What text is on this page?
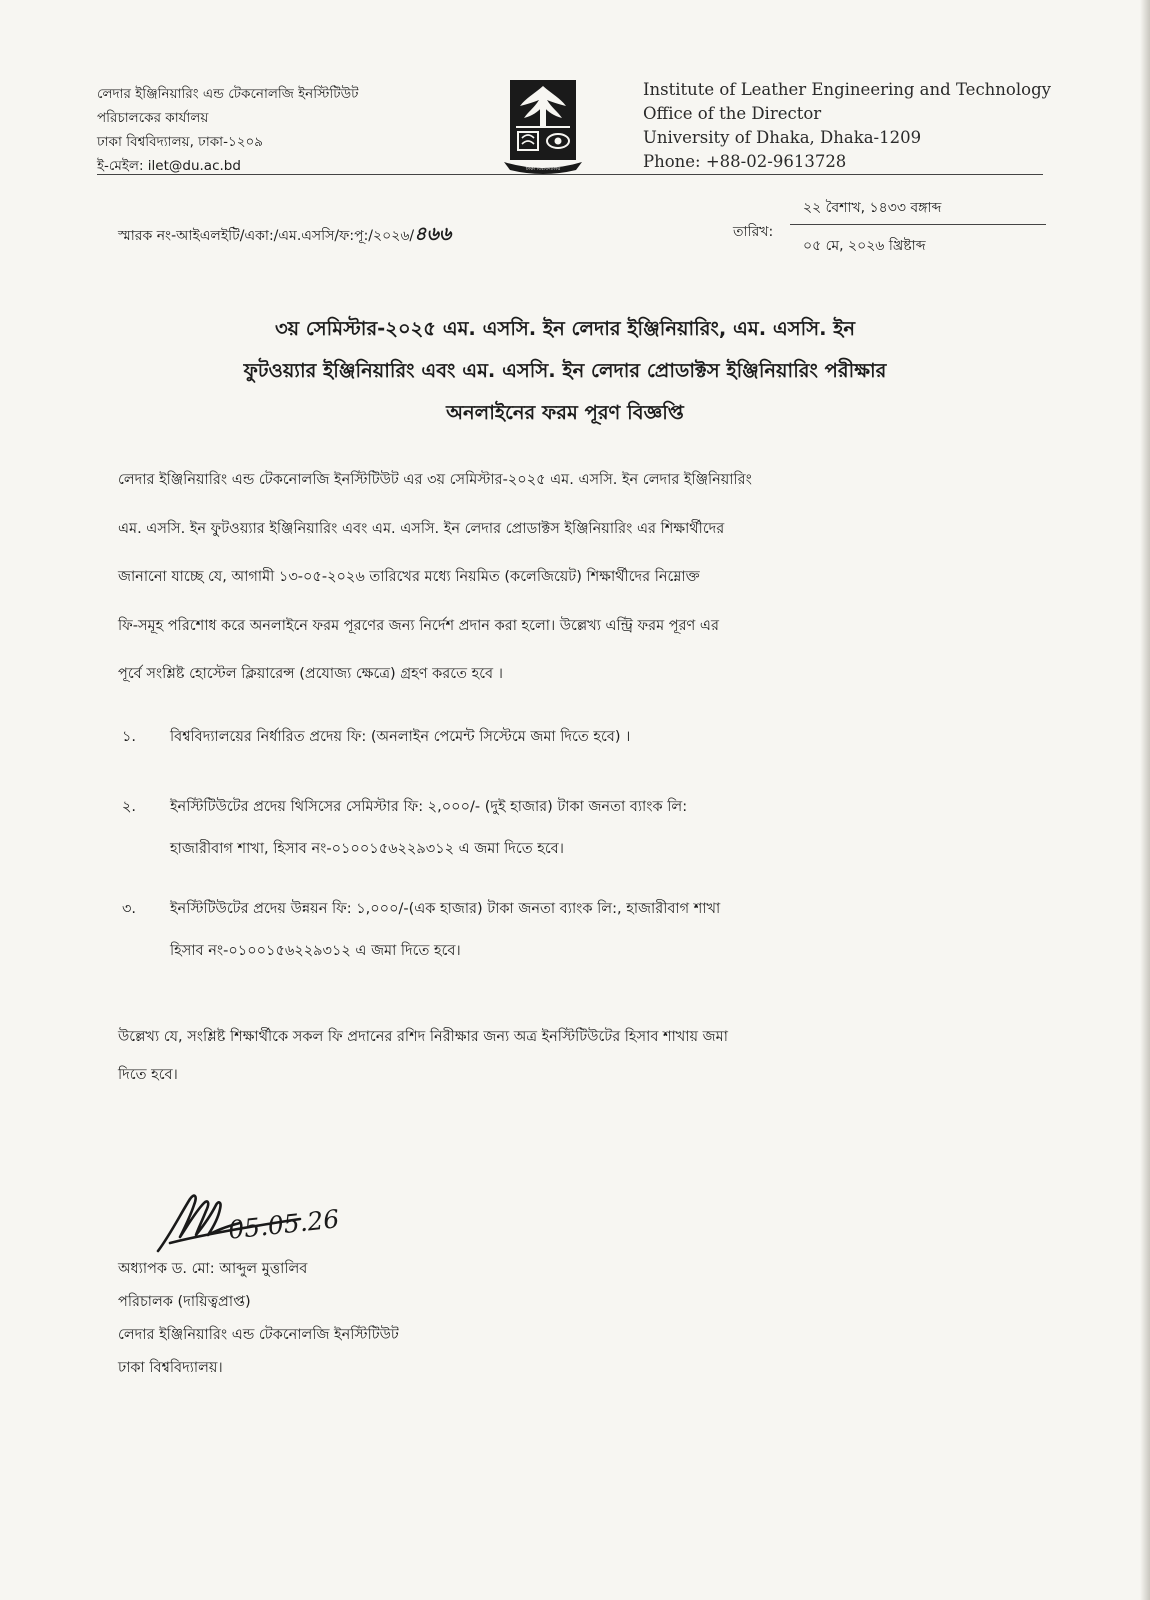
লেদার ইঞ্জিনিয়ারিং এন্ড টেকনোলজি ইনস্টিটিউট
পরিচালকের কার্যালয়
ঢাকা বিশ্ববিদ্যালয়, ঢাকা-১২০৯
ই-মেইল: ilet@du.ac.bd	ঢাকা বিশ্ববিদ্যালয়
Institute of Leather Engineering and Technology
Office of the Director
University of Dhaka, Dhaka-1209
Phone: +88-02-9613728
স্মারক নং-আইএলইটি/একা:/এম.এসসি/ফ:পূ:/২০২৬/৪৬৬	তারিখ:
২২ বৈশাখ, ১৪৩৩ বঙ্গাব্দ
০৫ মে, ২০২৬ খ্রিষ্টাব্দ
৩য় সেমিস্টার-২০২৫ এম. এসসি. ইন লেদার ইঞ্জিনিয়ারিং, এম. এসসি. ইন
ফুটওয়্যার ইঞ্জিনিয়ারিং এবং এম. এসসি. ইন লেদার প্রোডাক্টস ইঞ্জিনিয়ারিং পরীক্ষার
অনলাইনের ফরম পূরণ বিজ্ঞপ্তি
লেদার ইঞ্জিনিয়ারিং এন্ড টেকনোলজি ইনস্টিটিউট এর ৩য় সেমিস্টার-২০২৫ এম. এসসি. ইন লেদার ইঞ্জিনিয়ারিং
এম. এসসি. ইন ফুটওয়্যার ইঞ্জিনিয়ারিং এবং এম. এসসি. ইন লেদার প্রোডাক্টস ইঞ্জিনিয়ারিং এর শিক্ষার্থীদের
জানানো যাচ্ছে যে, আগামী ১৩-০৫-২০২৬ তারিখের মধ্যে নিয়মিত (কলেজিয়েট) শিক্ষার্থীদের নিম্নোক্ত
ফি-সমূহ পরিশোধ করে অনলাইনে ফরম পূরণের জন্য নির্দেশ প্রদান করা হলো। উল্লেখ্য এন্ট্রি ফরম পূরণ এর
পূর্বে সংশ্লিষ্ট হোস্টেল ক্লিয়ারেন্স (প্রযোজ্য ক্ষেত্রে) গ্রহণ করতে হবে ।
১.	বিশ্ববিদ্যালয়ের নির্ধারিত প্রদেয় ফি: (অনলাইন পেমেন্ট সিস্টেমে জমা দিতে হবে) ।
২.	ইনস্টিটিউটের প্রদেয় থিসিসের সেমিস্টার ফি: ২,০০০/- (দুই হাজার) টাকা জনতা ব্যাংক লি:
হাজারীবাগ শাখা, হিসাব নং-০১০০১৫৬২২৯৩১২ এ জমা দিতে হবে।
৩.	ইনস্টিটিউটের প্রদেয় উন্নয়ন ফি: ১,০০০/-(এক হাজার) টাকা জনতা ব্যাংক লি:, হাজারীবাগ শাখা
হিসাব নং-০১০০১৫৬২২৯৩১২ এ জমা দিতে হবে।
উল্লেখ্য যে, সংশ্লিষ্ট শিক্ষার্থীকে সকল ফি প্রদানের রশিদ নিরীক্ষার জন্য অত্র ইনস্টিটিউটের হিসাব শাখায় জমা
দিতে হবে।
05.05.26
অধ্যাপক ড. মো: আব্দুল মুত্তালিব
পরিচালক (দায়িত্বপ্রাপ্ত)
লেদার ইঞ্জিনিয়ারিং এন্ড টেকনোলজি ইনস্টিটিউট
ঢাকা বিশ্ববিদ্যালয়।
